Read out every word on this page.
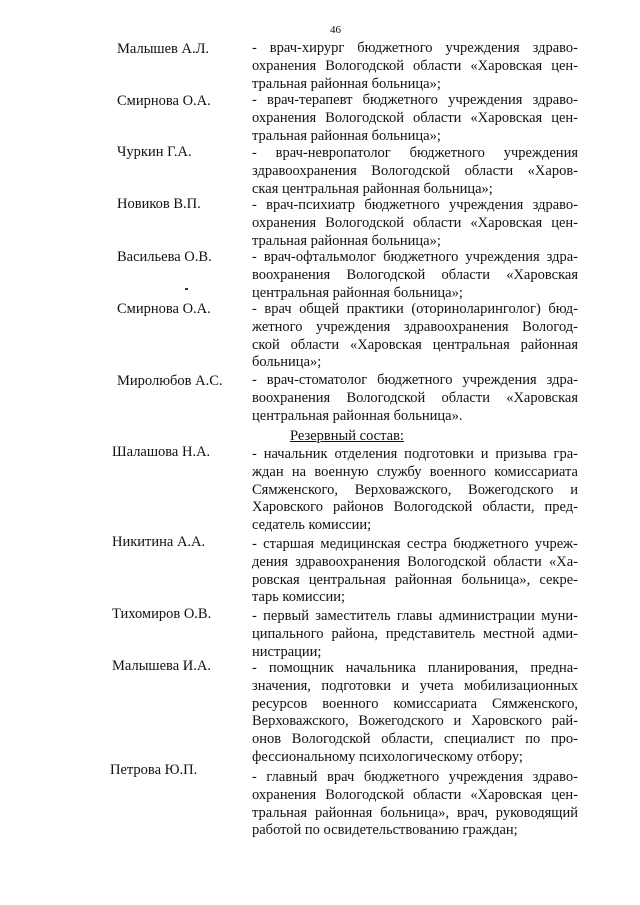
46
Малышев А.Л.	- врач-хирург бюджетного учреждения здраво-
охранения Вологодской области «Харовская цен-
тральная районная больница»;
Смирнова О.А.	- врач-терапевт бюджетного учреждения здраво-
охранения Вологодской области «Харовская цен-
тральная районная больница»;
Чуркин Г.А.	- врач-невропатолог бюджетного учреждения
здравоохранения Вологодской области «Харов-
ская центральная районная больница»;
Новиков В.П.	- врач-психиатр бюджетного учреждения здраво-
охранения Вологодской области «Харовская цен-
тральная районная больница»;
Васильева О.В.	- врач-офтальмолог бюджетного учреждения здра-
воохранения Вологодской области «Харовская
центральная районная больница»;
Смирнова О.А.	- врач общей практики (оториноларинголог) бюд-
жетного учреждения здравоохранения Вологод-
ской области «Харовская центральная районная
больница»;
Миролюбов А.С. - врач-стоматолог бюджетного учреждения здра-
воохранения Вологодской области «Харовская
центральная районная больница».
Резервный состав:
Шалашова Н.А.	- начальник отделения подготовки и призыва гра-
ждан на военную службу военного комиссариата
Сямженского, Верховажского, Вожегодского и
Харовского районов Вологодской области, пред-
седатель комиссии;
Никитина А.А.	- старшая медицинская сестра бюджетного учреж-
дения здравоохранения Вологодской области «Ха-
ровская центральная районная больница», секре-
тарь комиссии;
Тихомиров О.В.	- первый заместитель главы администрации муни-
ципального района, представитель местной адми-
нистрации;
Малышева И.А.	- помощник начальника планирования, предна-
значения, подготовки и учета мобилизационных
ресурсов военного комиссариата Сямженского,
Верховажского, Вожегодского и Харовского рай-
онов Вологодской области, специалист по про-
фессиональному психологическому отбору;
Петрова Ю.П.	- главный врач бюджетного учреждения здраво-
охранения Вологодской области «Харовская цен-
тральная районная больница», врач, руководящий
работой по освидетельствованию граждан;
